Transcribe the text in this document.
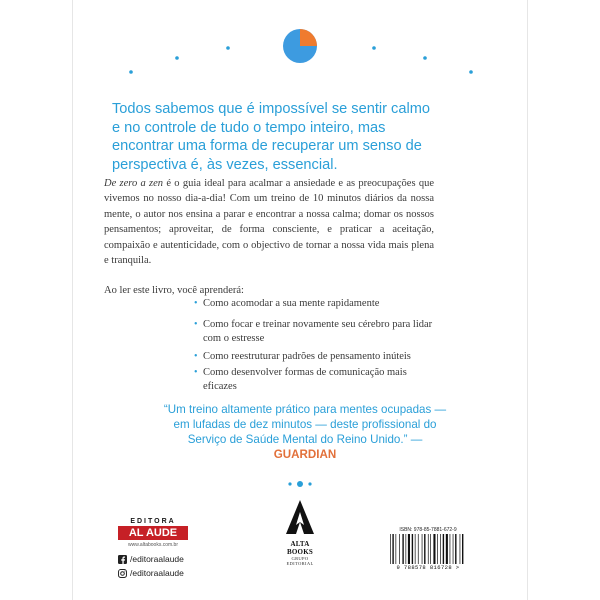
Todos sabemos que é impossível se sentir calmo e no controle de tudo o tempo inteiro, mas encontrar uma forma de recuperar um senso de perspectiva é, às vezes, essencial.

De zero a zen é o guia ideal para acalmar a ansiedade e as preocupações que vivemos no nosso dia-a-dia! Com um treino de 10 minutos diários da nossa mente, o autor nos ensina a parar e encontrar a nossa calma; domar os nossos pensamentos; aproveitar, de forma consciente, e praticar a aceitação, compaixão e autenticidade, com o objectivo de tornar a nossa vida mais plena e tranquila.

Ao ler este livro, você aprenderá:

• Como acomodar a sua mente rapidamente
• Como focar e treinar novamente seu cérebro para lidar com o estresse
• Como reestruturar padrões de pensamento inúteis
• Como desenvolver formas de comunicação mais eficazes

“Um treino altamente prático para mentes ocupadas — em lufadas de dez minutos — deste profissional do Serviço de Saúde Mental do Reino Unido.” — GUARDIAN

EDITORA
AL AUDE
www.altabooks.com.br
/editoraalaude
/editoraalaude
ALTA BOOKS
GRUPO EDITORIAL
ISBN: 978-85-7881-672-9
9 788578 816728 >
